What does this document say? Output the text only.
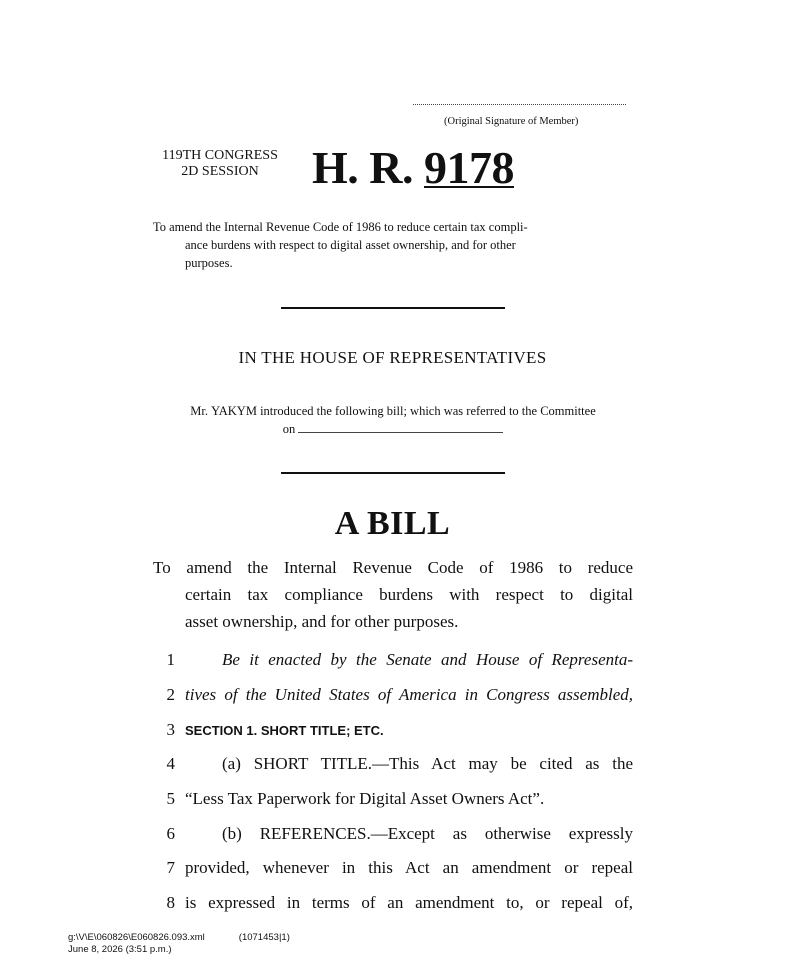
(Original Signature of Member)
119TH CONGRESS
2D SESSION	H. R. 9178
To amend the Internal Revenue Code of 1986 to reduce certain tax compli-
ance burdens with respect to digital asset ownership, and for other
purposes.
IN THE HOUSE OF REPRESENTATIVES
Mr. YAKYM introduced the following bill; which was referred to the Committee
on
A BILL
To amend the Internal Revenue Code of 1986 to reduce
certain tax compliance burdens with respect to digital
asset ownership, and for other purposes.
1	Be it enacted by the Senate and House of Representa-
2 tives of the United States of America in Congress assembled,
3 SECTION 1. SHORT TITLE; ETC.
4	(a) SHORT TITLE.—This Act may be cited as the
5 “Less Tax Paperwork for Digital Asset Owners Act”.
6	(b) REFERENCES.—Except as otherwise expressly
7 provided, whenever in this Act an amendment or repeal
8 is expressed in terms of an amendment to, or repeal of,
g:\V\E\060826\E060826.093.xml	(1071453|1)
June 8, 2026 (3:51 p.m.)
